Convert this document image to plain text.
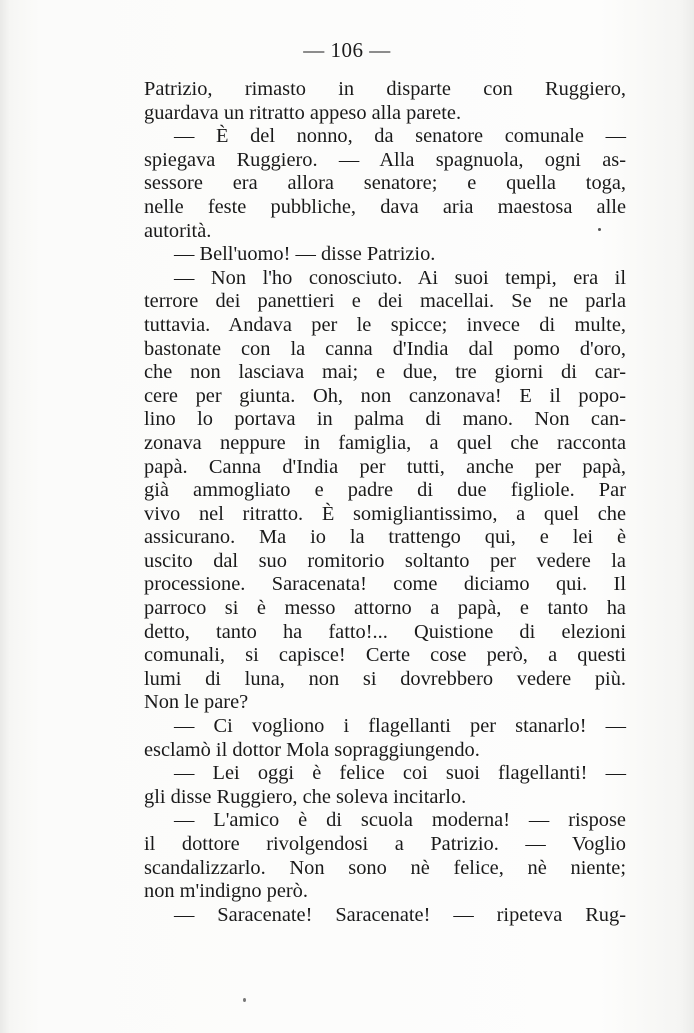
— 106 —
Patrizio, rimasto in disparte con Ruggiero,
guardava un ritratto appeso alla parete.
— È del nonno, da senatore comunale —
spiegava Ruggiero. — Alla spagnuola, ogni as-
sessore era allora senatore; e quella toga,
nelle feste pubbliche, dava aria maestosa alle
autorità.
— Bell'uomo! — disse Patrizio.
— Non l'ho conosciuto. Ai suoi tempi, era il
terrore dei panettieri e dei macellai. Se ne parla
tuttavia. Andava per le spicce; invece di multe,
bastonate con la canna d'India dal pomo d'oro,
che non lasciava mai; e due, tre giorni di car-
cere per giunta. Oh, non canzonava! E il popo-
lino lo portava in palma di mano. Non can-
zonava neppure in famiglia, a quel che racconta
papà. Canna d'India per tutti, anche per papà,
già ammogliato e padre di due figliole. Par
vivo nel ritratto. È somigliantissimo, a quel che
assicurano. Ma io la trattengo qui, e lei è
uscito dal suo romitorio soltanto per vedere la
processione. Saracenata! come diciamo qui. Il
parroco si è messo attorno a papà, e tanto ha
detto, tanto ha fatto!... Quistione di elezioni
comunali, si capisce! Certe cose però, a questi
lumi di luna, non si dovrebbero vedere più.
Non le pare?
— Ci vogliono i flagellanti per stanarlo! —
esclamò il dottor Mola sopraggiungendo.
— Lei oggi è felice coi suoi flagellanti! —
gli disse Ruggiero, che soleva incitarlo.
— L'amico è di scuola moderna! — rispose
il dottore rivolgendosi a Patrizio. — Voglio
scandalizzarlo. Non sono nè felice, nè niente;
non m'indigno però.
— Saracenate! Saracenate! — ripeteva Rug-
